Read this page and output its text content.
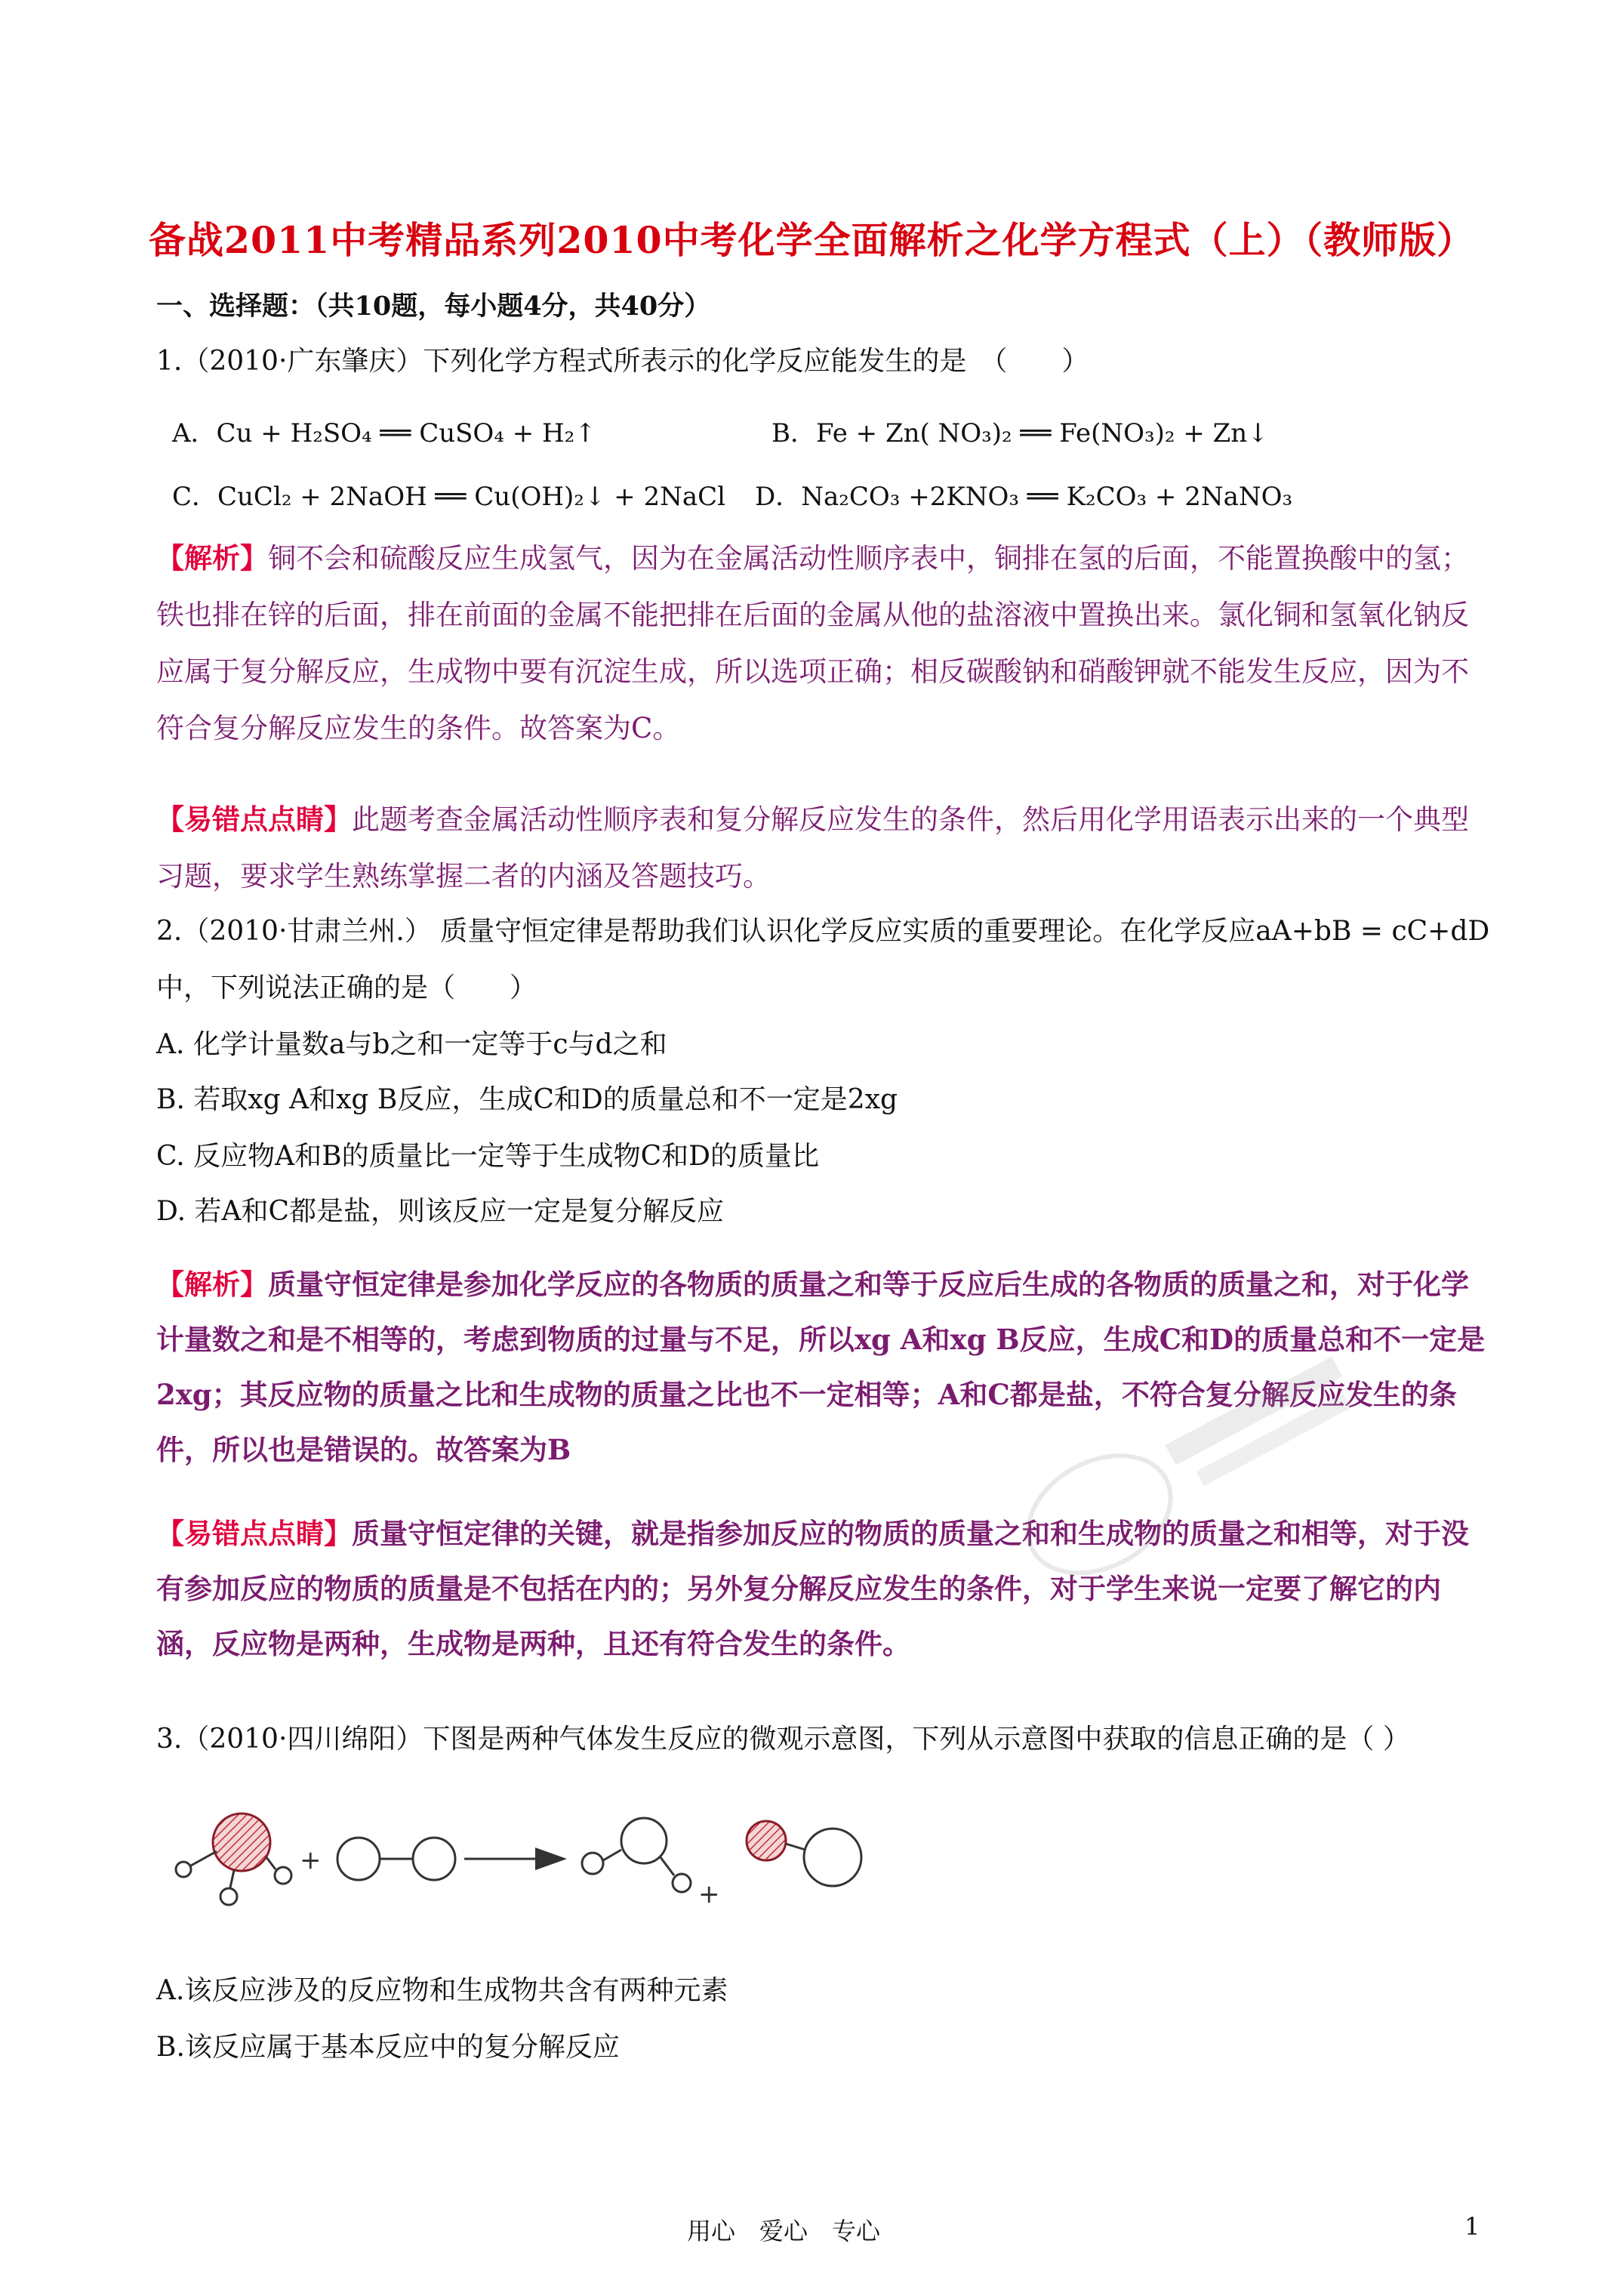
备战2011中考精品系列2010中考化学全面解析之化学方程式（上）（教师版）
一、选择题：（共10题，每小题4分，共40分）
1.（2010·广东肇庆）下列化学方程式所表示的化学反应能发生的是　（　　）
A．Cu + H₂SO₄ ══ CuSO₄ + H₂↑	B．Fe + Zn( NO₃)₂ ══ Fe(NO₃)₂ + Zn↓
C．CuCl₂ + 2NaOH ══ Cu(OH)₂↓ + 2NaCl D．Na₂CO₃ +2KNO₃ ══ K₂CO₃ + 2NaNO₃
【解析】铜不会和硫酸反应生成氢气，因为在金属活动性顺序表中，铜排在氢的后面，不能置换酸中的氢；铁也排在锌的后面，排在前面的金属不能把排在后面的金属从他的盐溶液中置换出来。氯化铜和氢氧化钠反应属于复分解反应，生成物中要有沉淀生成，所以选项正确；相反碳酸钠和硝酸钾就不能发生反应，因为不符合复分解反应发生的条件。故答案为C。
【易错点点睛】此题考查金属活动性顺序表和复分解反应发生的条件，然后用化学用语表示出来的一个典型习题，要求学生熟练掌握二者的内涵及答题技巧。
2.（2010·甘肃兰州.） 质量守恒定律是帮助我们认识化学反应实质的重要理论。在化学反应aA+bB = cC+dD
中，下列说法正确的是（　　）
A. 化学计量数a与b之和一定等于c与d之和
B. 若取xg A和xg B反应，生成C和D的质量总和不一定是2xg
C. 反应物A和B的质量比一定等于生成物C和D的质量比
D. 若A和C都是盐，则该反应一定是复分解反应
【解析】质量守恒定律是参加化学反应的各物质的质量之和等于反应后生成的各物质的质量之和，对于化学计量数之和是不相等的，考虑到物质的过量与不足，所以xg A和xg B反应，生成C和D的质量总和不一定是2xg；其反应物的质量之比和生成物的质量之比也不一定相等；A和C都是盐，不符合复分解反应发生的条件，所以也是错误的。故答案为B
【易错点点睛】质量守恒定律的关键，就是指参加反应的物质的质量之和和生成物的质量之和相等，对于没有参加反应的物质的质量是不包括在内的；另外复分解反应发生的条件，对于学生来说一定要了解它的内涵，反应物是两种，生成物是两种，且还有符合发生的条件。
3.（2010·四川绵阳）下图是两种气体发生反应的微观示意图，下列从示意图中获取的信息正确的是（ ）
+
+
A.该反应涉及的反应物和生成物共含有两种元素
B.该反应属于基本反应中的复分解反应
用心　爱心　专心	1
